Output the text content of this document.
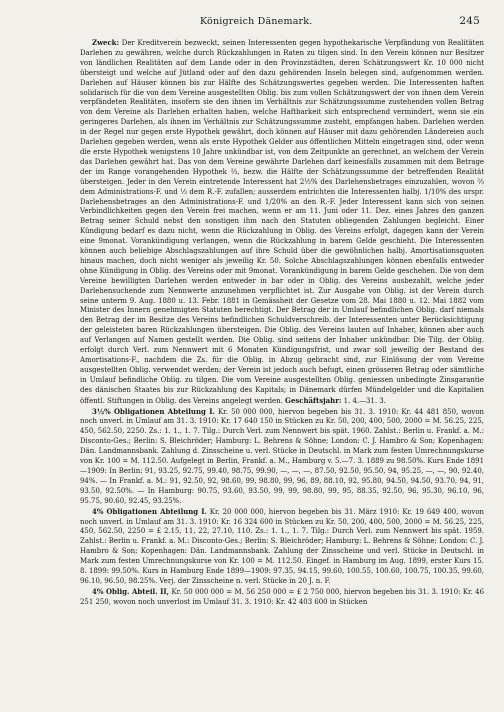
Königreich Dänemark.	245

Zweck: Der Kreditverein bezweckt, seinen Interessenten gegen hypothekarische Verpfändung von Realitäten Darlehen zu gewähren, welche durch Rückzahlungen in Raten zu tilgen sind. In den Verein können nur Besitzer von ländlichen Realitäten auf dem Lande oder in den Provinzstädten, deren Schätzungswert Kr. 10 000 nicht übersteigt und welche auf Jütland oder auf den dazu gehörenden Inseln belegen sind, aufgenommen werden. Darlehen auf Häuser können bis zur Hälfte des Schätzungswertes gegeben werden. Die Interessenten haften solidarisch für die von dem Vereine ausgestellten Oblig. bis zum vollen Schätzungswert der von ihnen dem Verein verpfändeten Realitäten, insofern sie den ihnen im Verhältnis zur Schätzungssumme zustehenden vollen Betrag von dem Vereine als Darlehen erhalten haben, welche Haftbarkeit sich entsprechend vermindert, wenn sie ein geringeres Darlehen, als ihnen im Verhältnis zur Schätzungssumme zusteht, empfangen haben. Darlehen werden in der Regel nur gegen erste Hypothek gewährt, doch können auf Häuser mit dazu gehörenden Ländereien auch Darlehen gegeben werden, wenn als erste Hypothek Gelder aus öffentlichen Mitteln eingetragen sind, oder wenn die erste Hypothek wenigstens 10 Jahre unkündbar ist, von dem Zeitpunkte an gerechnet, an welchem der Verein das Darlehen gewährt hat. Das von dem Vereine gewährte Darlehen darf keinesfalls zusammen mit dem Betrage der im Range vorangehenden Hypothek ⅔, bezw. die Hälfte der Schätzungssumme der betreffenden Realität übersteigen. Jeder in den Verein eintretende Interessent hat 2½% des Darlehensbetrages einzuzahlen, wovon ⅔ dem Administrations-F. und ⅓ dem R.-F. zufallen; ausserdem entrichten die Interessenten halbj. 1/10% des urspr. Darlehensbetrages an den Administrations-F. und 1/20% an den R.-F. Jeder Interessent kann sich von seinen Verbindlichkeiten gegen den Verein frei machen, wenn er am 11. Juni oder 11. Dez. eines Jahres den ganzen Betrag seiner Schuld nebst den sonstigen ihm nach den Statuten obliegenden Zahlungen begleicht. Einer Kündigung bedarf es dazu nicht, wenn die Rückzahlung in Oblig. des Vereins erfolgt, dagegen kann der Verein eine 9monat. Vorankündigung verlangen, wenn die Rückzahlung in barem Gelde geschieht. Die Interessenten können auch beliebige Abschlagszahlungen auf ihre Schuld über die gewöhnlichen halbj. Amortisationsquoten hinaus machen, doch nicht weniger als jeweilig Kr. 50. Solche Abschlagszahlungen können ebenfalls entweder ohne Kündigung in Oblig. des Vereins oder mit 9monat. Vorankündigung in barem Gelde geschehen. Die von dem Vereine bewilligten Darlehen werden entweder in bar oder in Oblig. des Vereins ausbezahlt, welche jeder Darlehensuchende zum Nennwerte anzunehmen verpflichtet ist. Zur Ausgabe von Oblig. ist der Verein durch seine unterm 9. Aug. 1880 u. 13. Febr. 1881 in Gemässheit der Gesetze vom 28. Mai 1880 u. 12. Mai 1882 vom Minister des Innern genehmigten Statuten berechtigt. Der Betrag der in Umlauf befindlichen Oblig. darf niemals den Betrag der im Besitze des Vereins befindlichen Schuldverschreib. der Interessenten unter Berücksichtigung der geleisteten baren Rückzahlungen übersteigen. Die Oblig. des Vereins lauten auf Inhaber, können aber auch auf Verlangen auf Namen gestellt werden. Die Oblig. sind seitens der Inhaber unkündbar. Die Tilg. der Oblig. erfolgt durch Verl. zum Nennwert mit 6 Monaten Kündigungsfrist, und zwar soll jeweilig der Bestand des Amortisations-F., nachdem die Zs. für die Oblig. in Abzug gebracht sind, zur Einlösung der vom Vereine ausgestellten Oblig. verwendet werden; der Verein ist jedoch auch befugt, einen grösseren Betrag oder sämtliche in Umlauf befindliche Oblig. zu tilgen. Die vom Vereine ausgestellten Oblig. geniessen unbedingte Zinsgarantie des dänischen Staates bis zur Rückzahlung des Kapitals; in Dänemark dürfen Mündelgelder und die Kapitalien öffentl. Stiftungen in Oblig. des Vereins angelegt werden. Geschäftsjahr: 1. 4.—31. 3.

3½% Obligationen Abteilung I. Kr. 50 000 000, hiervon begeben bis 31. 3. 1910: Kr. 44 481 850, wovon noch unverl. in Umlauf am 31. 3. 1910: Kr. 17 640 150 in Stücken zu Kr. 50, 200, 400, 500, 2000 = M. 56.25, 225, 450, 562.50, 2250. Zs.: 1. 1., 1. 7. Tilg.: Durch Verl. zum Nennwert bis spät. 1960. Zahlst.: Berlin u. Frankf. a. M.: Disconto-Ges.; Berlin: S. Bleichröder; Hamburg: L. Behrens & Söhne; London: C. J. Hambro & Son; Kopenhagen: Dän. Landmannsbank. Zahlung d. Zinsscheine u. verl. Stücke in Deutschl. in Mark zum festen Umrechnungskurse von Kr. 100 = M. 112.50. Aufgelegt in Berlin, Frankf. a. M., Hamburg v. 5.—7. 3. 1889 zu 98.50%. Kurs Ende 1891—1909: In Berlin: 91, 93.25, 92.75, 99.40, 98.75, 99.90, —, —, —, 87.50, 92.50, 95.50, 94, 95.25, —, —, 90, 92.40, 94%. — In Frankf. a. M.: 91, 92.50, 92, 98.60, 99, 98.80, 99, 96, 89, 88.10, 92, 95.80, 94.50, 94.50, 93.70, 94, 91, 93.50, 92.50%. — In Hamburg: 90.75, 93.60, 93.50, 99, 99, 98.80, 99, 95, 88.35, 92.50, 96, 95.30, 96.10, 96, 95.75, 90.60, 92.45, 93.25%.

4% Obligationen Abteilung I. Kr. 20 000 000, hiervon begeben bis 31. März 1910: Kr. 19 649 400, wovon noch unverl. in Umlauf am 31. 3. 1910: Kr. 16 324 600 in Stücken zu Kr. 50, 200, 400, 500, 2000 = M. 56.25, 225, 450, 562.50, 2250 = £ 2.15, 11, 22, 27.10, 110. Zs.: 1. 1., 1. 7. Tilg.: Durch Verl. zum Nennwert bis spät. 1959. Zahlst.: Berlin u. Frankf. a. M.: Disconto-Ges.; Berlin: S. Bleichröder; Hamburg: L. Behrens & Söhne; London: C. J. Hambro & Son; Kopenhagen: Dän. Landmannsbank. Zahlung der Zinsscheine und verl. Stücke in Deutschl. in Mark zum festen Umrechnungskurse von Kr. 100 = M. 112.50. Eingef. in Hamburg im Aug. 1899, erster Kurs 15. 8. 1899: 99.50%. Kurs in Hamburg Ende 1899—1909: 97.35, 94.15, 99.60, 100.55, 100.60, 100.75, 100.35, 99.60, 96.10, 96.50, 98.25%. Verj. der Zinsscheine n. verl. Stücke in 20 J. n. F.

4% Oblig. Abteil. II, Kr. 50 000 000 = M. 56 250 000 = £ 2 750 000, hiervon begeben bis 31. 3. 1910: Kr. 46 251 250, wovon noch unverlost im Umlauf 31. 3. 1910: Kr. 42 403 600 in Stücken
